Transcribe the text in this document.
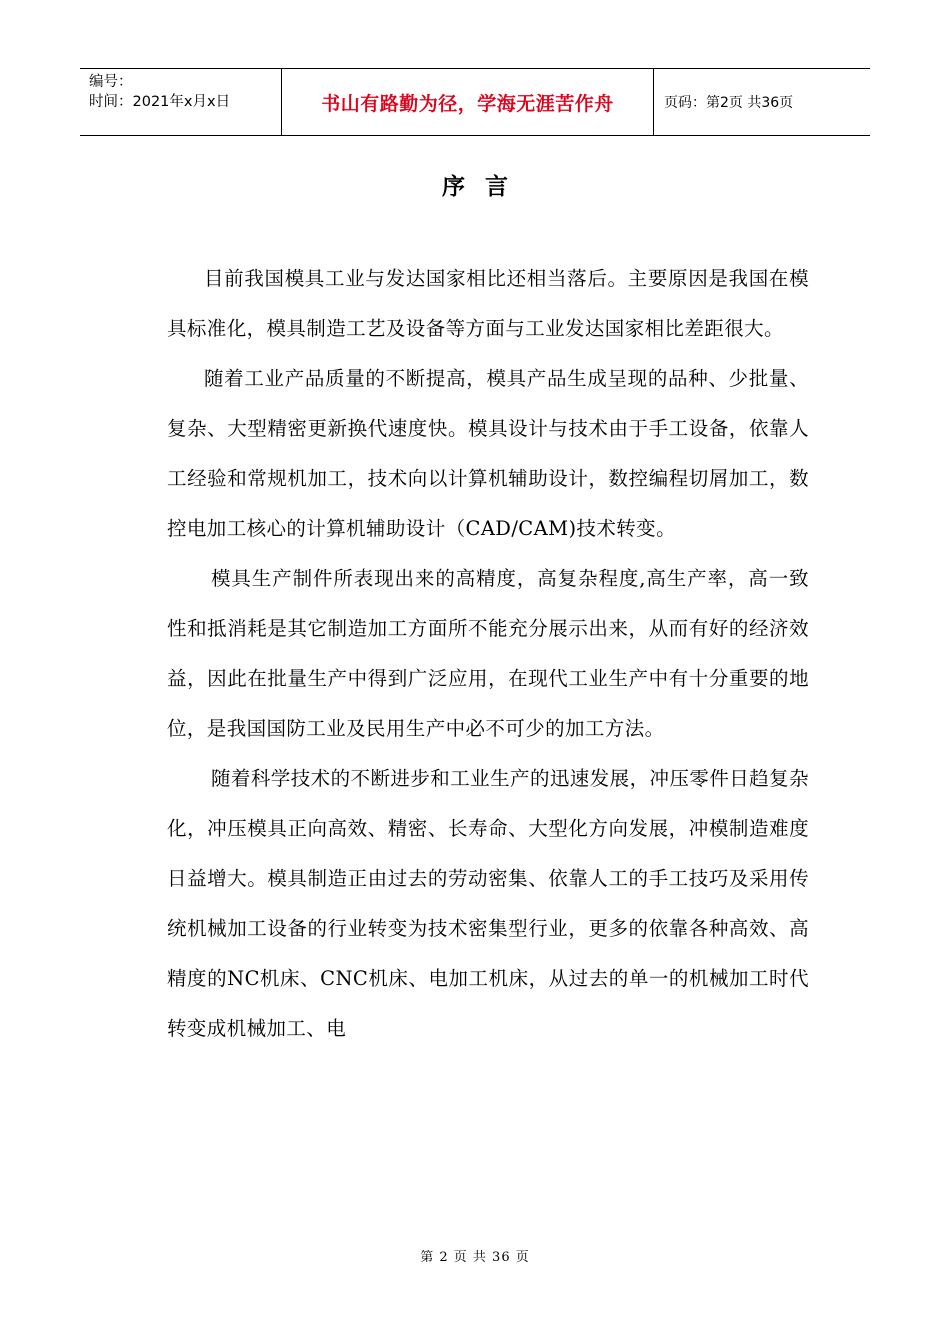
编号：
时间：2021年x月x日	书山有路勤为径，学海无涯苦作舟	页码：第2页 共36页
序言

目前我国模具工业与发达国家相比还相当落后。主要原因是我国在模具标准化，模具制造工艺及设备等方面与工业发达国家相比差距很大。

随着工业产品质量的不断提高，模具产品生成呈现的品种、少批量、复杂、大型精密更新换代速度快。模具设计与技术由于手工设备，依靠人工经验和常规机加工，技术向以计算机辅助设计，数控编程切屑加工，数控电加工核心的计算机辅助设计（CAD/CAM)技术转变。

模具生产制件所表现出来的高精度，高复杂程度,高生产率，高一致性和抵消耗是其它制造加工方面所不能充分展示出来，从而有好的经济效益，因此在批量生产中得到广泛应用，在现代工业生产中有十分重要的地位，是我国国防工业及民用生产中必不可少的加工方法。

随着科学技术的不断进步和工业生产的迅速发展，冲压零件日趋复杂化，冲压模具正向高效、精密、长寿命、大型化方向发展，冲模制造难度日益增大。模具制造正由过去的劳动密集、依靠人工的手工技巧及采用传统机械加工设备的行业转变为技术密集型行业，更多的依靠各种高效、高精度的NC机床、CNC机床、电加工机床，从过去的单一的机械加工时代转变成机械加工、电

第 2 页 共 36 页
